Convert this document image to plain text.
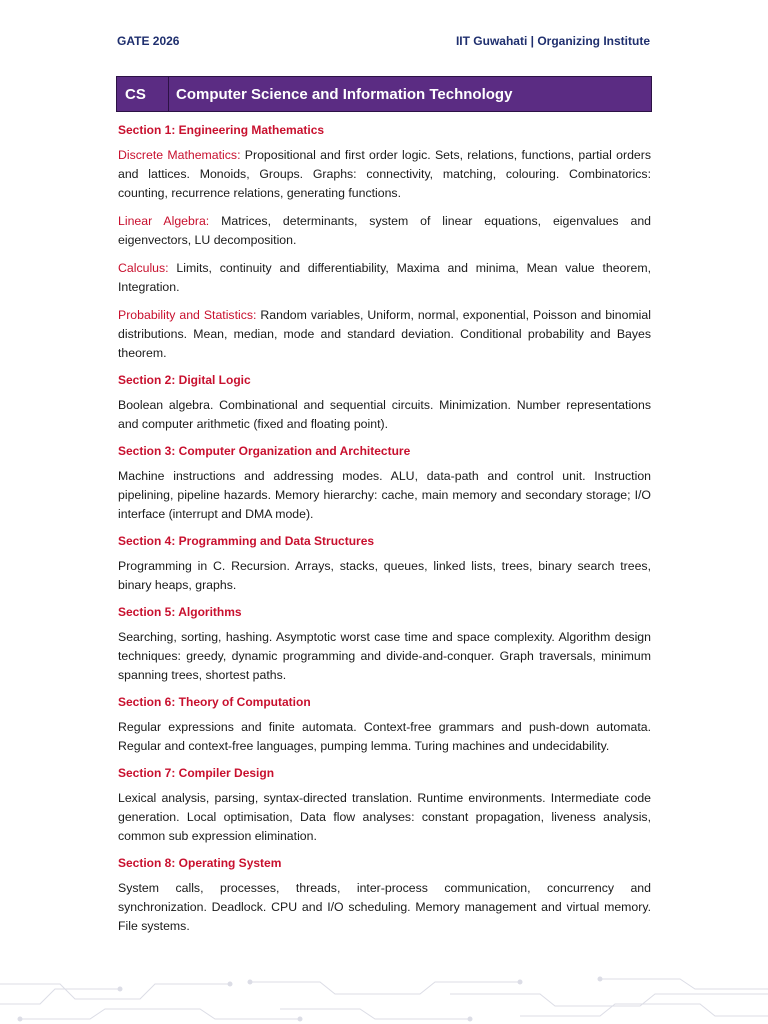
GATE 2026	IIT Guwahati | Organizing Institute
CS	Computer Science and Information Technology
Section 1: Engineering Mathematics

Discrete Mathematics: Propositional and first order logic. Sets, relations, functions, partial orders and lattices. Monoids, Groups. Graphs: connectivity, matching, colouring. Combinatorics: counting, recurrence relations, generating functions.

Linear Algebra: Matrices, determinants, system of linear equations, eigenvalues and eigenvectors, LU decomposition.

Calculus: Limits, continuity and differentiability, Maxima and minima, Mean value theorem, Integration.

Probability and Statistics: Random variables, Uniform, normal, exponential, Poisson and binomial distributions. Mean, median, mode and standard deviation. Conditional probability and Bayes theorem.

Section 2: Digital Logic

Boolean algebra. Combinational and sequential circuits. Minimization. Number representations and computer arithmetic (fixed and floating point).

Section 3: Computer Organization and Architecture

Machine instructions and addressing modes. ALU, data‐path and control unit. Instruction pipelining, pipeline hazards. Memory hierarchy: cache, main memory and secondary storage; I/O interface (interrupt and DMA mode).

Section 4: Programming and Data Structures

Programming in C. Recursion. Arrays, stacks, queues, linked lists, trees, binary search trees, binary heaps, graphs.

Section 5: Algorithms

Searching, sorting, hashing. Asymptotic worst case time and space complexity. Algorithm design techniques: greedy, dynamic programming and divide‐and‐conquer. Graph traversals, minimum spanning trees, shortest paths.

Section 6: Theory of Computation

Regular expressions and finite automata. Context-free grammars and push-down automata. Regular and context-free languages, pumping lemma. Turing machines and undecidability.

Section 7: Compiler Design

Lexical analysis, parsing, syntax-directed translation. Runtime environments. Intermediate code generation. Local optimisation, Data flow analyses: constant propagation, liveness analysis, common sub expression elimination.

Section 8: Operating System

System calls, processes, threads, inter‐process communication, concurrency and synchronization. Deadlock. CPU and I/O scheduling. Memory management and virtual memory. File systems.
